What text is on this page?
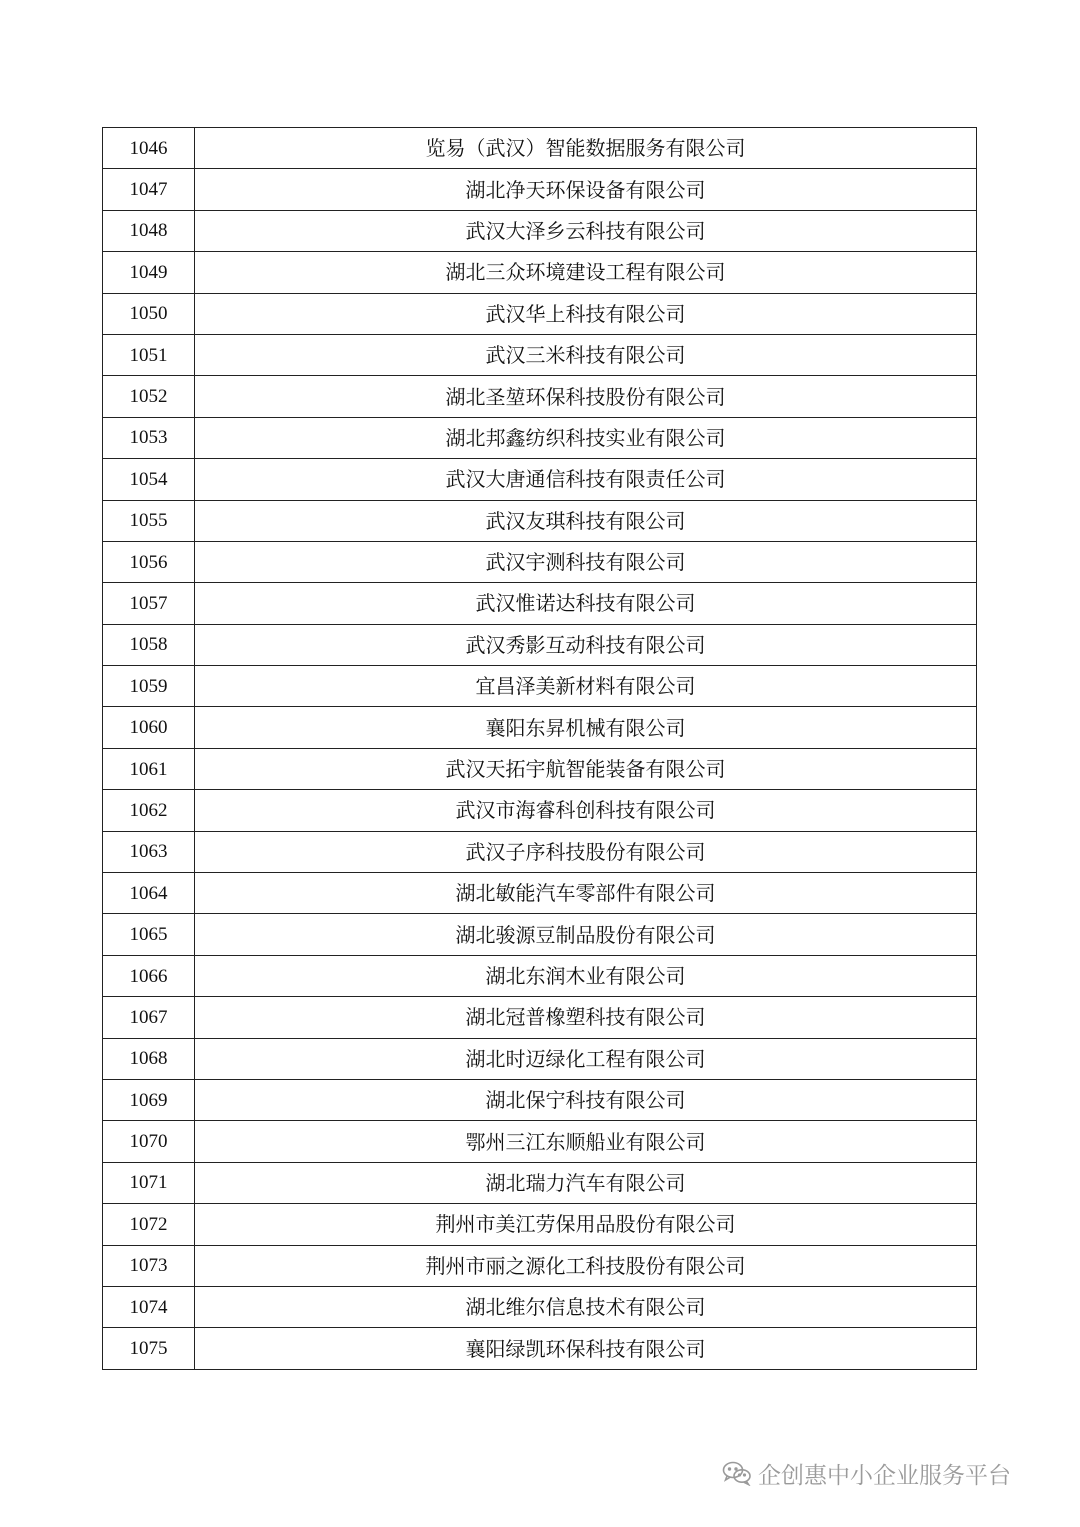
1046	览易（武汉）智能数据服务有限公司
1047	湖北净天环保设备有限公司
1048	武汉大泽乡云科技有限公司
1049	湖北三众环境建设工程有限公司
1050	武汉华上科技有限公司
1051	武汉三米科技有限公司
1052	湖北圣堃环保科技股份有限公司
1053	湖北邦鑫纺织科技实业有限公司
1054	武汉大唐通信科技有限责任公司
1055	武汉友琪科技有限公司
1056	武汉宇测科技有限公司
1057	武汉惟诺达科技有限公司
1058	武汉秀影互动科技有限公司
1059	宜昌泽美新材料有限公司
1060	襄阳东昇机械有限公司
1061	武汉天拓宇航智能装备有限公司
1062	武汉市海睿科创科技有限公司
1063	武汉子序科技股份有限公司
1064	湖北敏能汽车零部件有限公司
1065	湖北骏源豆制品股份有限公司
1066	湖北东润木业有限公司
1067	湖北冠普橡塑科技有限公司
1068	湖北时迈绿化工程有限公司
1069	湖北保宁科技有限公司
1070	鄂州三江东顺船业有限公司
1071	湖北瑞力汽车有限公司
1072	荆州市美江劳保用品股份有限公司
1073	荆州市丽之源化工科技股份有限公司
1074	湖北维尔信息技术有限公司
1075	襄阳绿凯环保科技有限公司
企创惠中小企业服务平台
